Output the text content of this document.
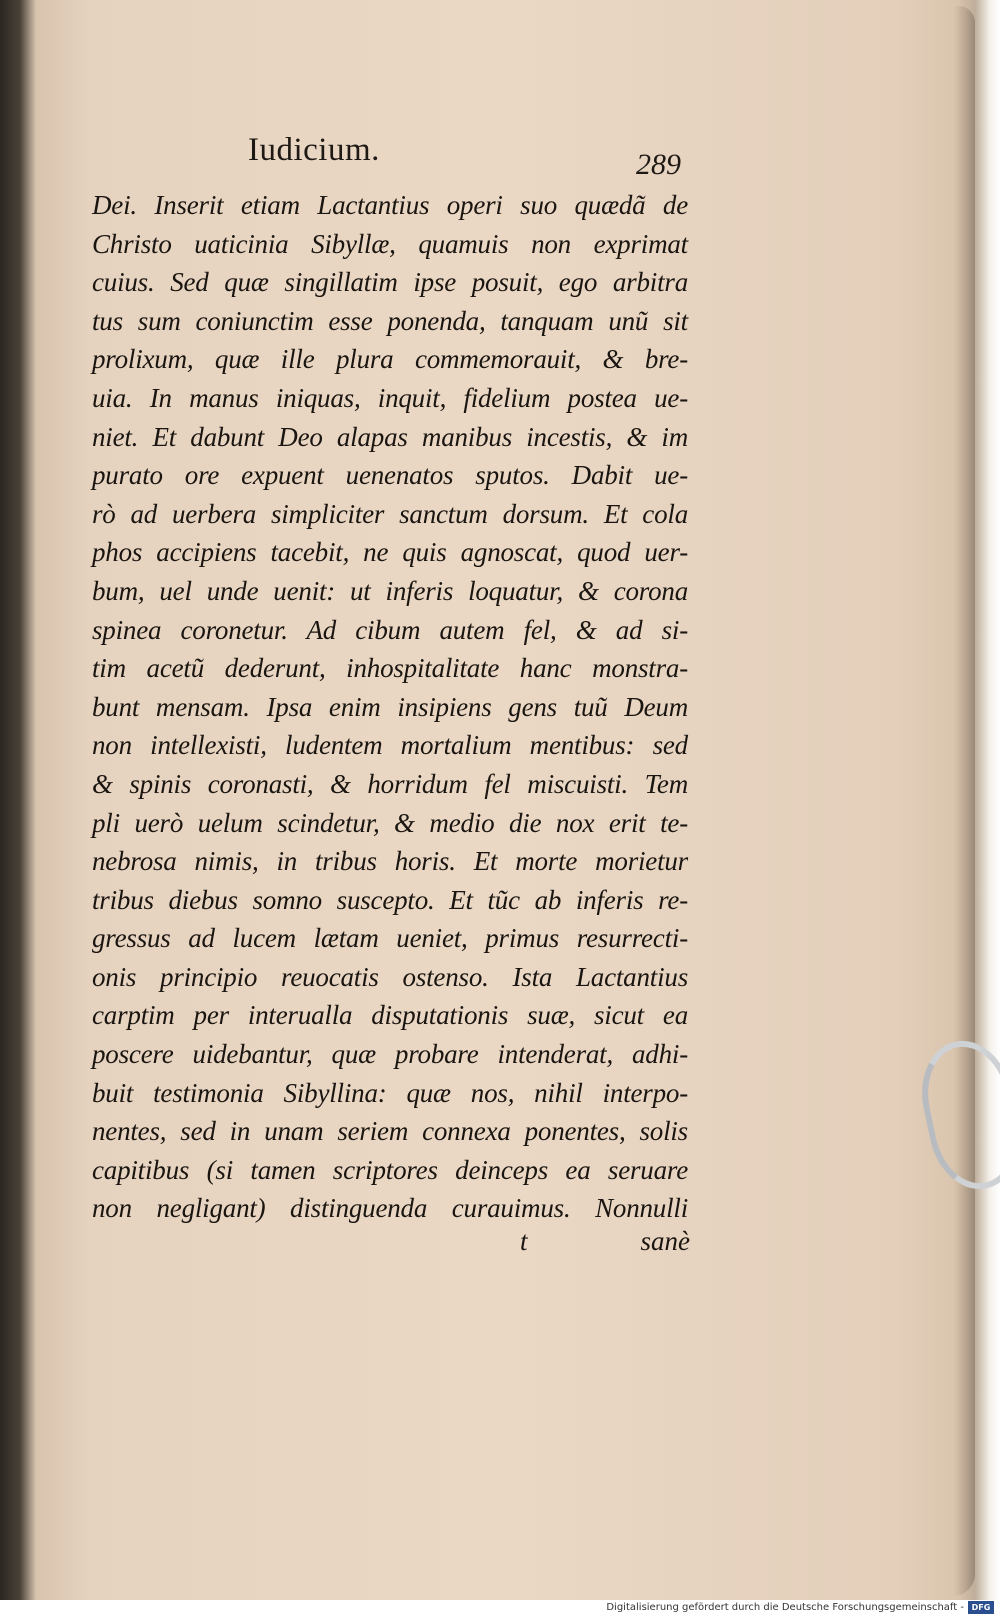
Iudicium.	289
Dei. Inserit etiam Lactantius operi suo quædã de
Christo uaticinia Sibyllæ, quamuis non exprimat
cuius. Sed quæ singillatim ipse posuit, ego arbitra
tus sum coniunctim esse ponenda, tanquam unũ sit
prolixum, quæ ille plura commemorauit, & bre-
uia. In manus iniquas, inquit, fidelium postea ue-
niet. Et dabunt Deo alapas manibus incestis, & im
purato ore expuent uenenatos sputos. Dabit ue-
rò ad uerbera simpliciter sanctum dorsum. Et cola
phos accipiens tacebit, ne quis agnoscat, quod uer-
bum, uel unde uenit: ut inferis loquatur, & corona
spinea coronetur. Ad cibum autem fel, & ad si-
tim acetũ dederunt, inhospitalitate hanc monstra-
bunt mensam. Ipsa enim insipiens gens tuũ Deum
non intellexisti, ludentem mortalium mentibus: sed
& spinis coronasti, & horridum fel miscuisti. Tem
pli uerò uelum scindetur, & medio die nox erit te-
nebrosa nimis, in tribus horis. Et morte morietur
tribus diebus somno suscepto. Et tũc ab inferis re-
gressus ad lucem lætam ueniet, primus resurrecti-
onis principio reuocatis ostenso. Ista Lactantius
carptim per interualla disputationis suæ, sicut ea
poscere uidebantur, quæ probare intenderat, adhi-
buit testimonia Sibyllina: quæ nos, nihil interpo-
nentes, sed in unam seriem connexa ponentes, solis
capitibus (si tamen scriptores deinceps ea seruare
non negligant) distinguenda curauimus. Nonnulli
t	sanè
Digitalisierung gefördert durch die Deutsche Forschungsgemeinschaft - DFG
